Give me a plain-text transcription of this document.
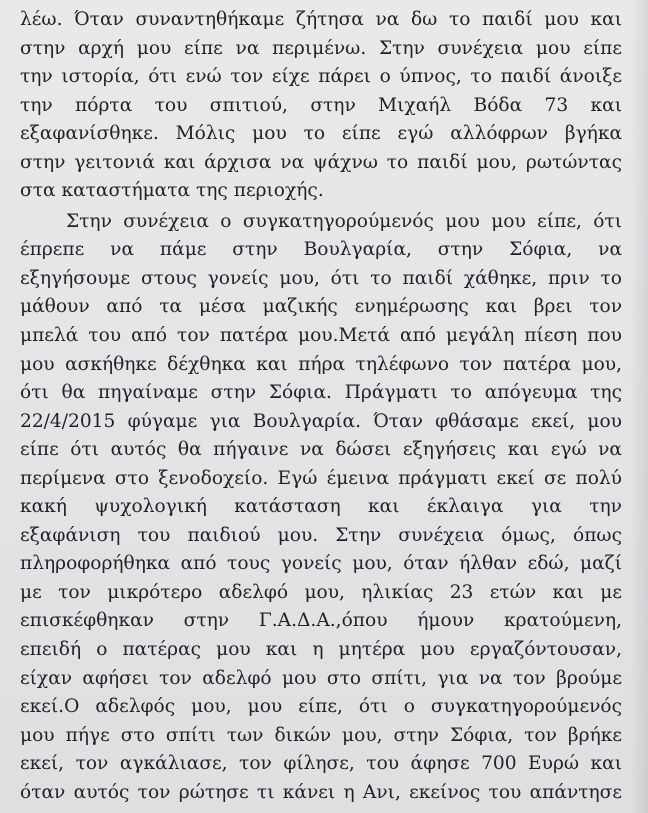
λέω. Όταν συναντηθήκαμε ζήτησα να δω το παιδί μου και
στην αρχή μου είπε να περιμένω. Στην συνέχεια μου είπε
την ιστορία, ότι ενώ τον είχε πάρει ο ύπνος, το παιδί άνοιξε
την πόρτα του σπιτιού, στην Μιχαήλ Βόδα 73 και
εξαφανίσθηκε. Μόλις μου το είπε εγώ αλλόφρων βγήκα
στην γειτονιά και άρχισα να ψάχνω το παιδί μου, ρωτώντας
στα καταστήματα της περιοχής.
Στην συνέχεια ο συγκατηγορούμενός μου μου είπε, ότι
έπρεπε να πάμε στην Βουλγαρία, στην Σόφια, να
εξηγήσουμε στους γονείς μου, ότι το παιδί χάθηκε, πριν το
μάθουν από τα μέσα μαζικής ενημέρωσης και βρει τον
μπελά του από τον πατέρα μου.Μετά από μεγάλη πίεση που
μου ασκήθηκε δέχθηκα και πήρα τηλέφωνο τον πατέρα μου,
ότι θα πηγαίναμε στην Σόφια. Πράγματι το απόγευμα της
22/4/2015 φύγαμε για Βουλγαρία. Όταν φθάσαμε εκεί, μου
είπε ότι αυτός θα πήγαινε να δώσει εξηγήσεις και εγώ να
περίμενα στο ξενοδοχείο. Εγώ έμεινα πράγματι εκεί σε πολύ
κακή ψυχολογική κατάσταση και έκλαιγα για την
εξαφάνιση του παιδιού μου. Στην συνέχεια όμως, όπως
πληροφορήθηκα από τους γονείς μου, όταν ήλθαν εδώ, μαζί
με τον μικρότερο αδελφό μου, ηλικίας 23 ετών και με
επισκέφθηκαν στην Γ.Α.Δ.Α.,όπου ήμουν κρατούμενη,
επειδή ο πατέρας μου και η μητέρα μου εργαζόντουσαν,
είχαν αφήσει τον αδελφό μου στο σπίτι, για να τον βρούμε
εκεί.Ο αδελφός μου, μου είπε, ότι ο συγκατηγορούμενός
μου πήγε στο σπίτι των δικών μου, στην Σόφια, τον βρήκε
εκεί, τον αγκάλιασε, τον φίλησε, του άφησε 700 Ευρώ και
όταν αυτός τον ρώτησε τι κάνει η Ανι, εκείνος του απάντησε
